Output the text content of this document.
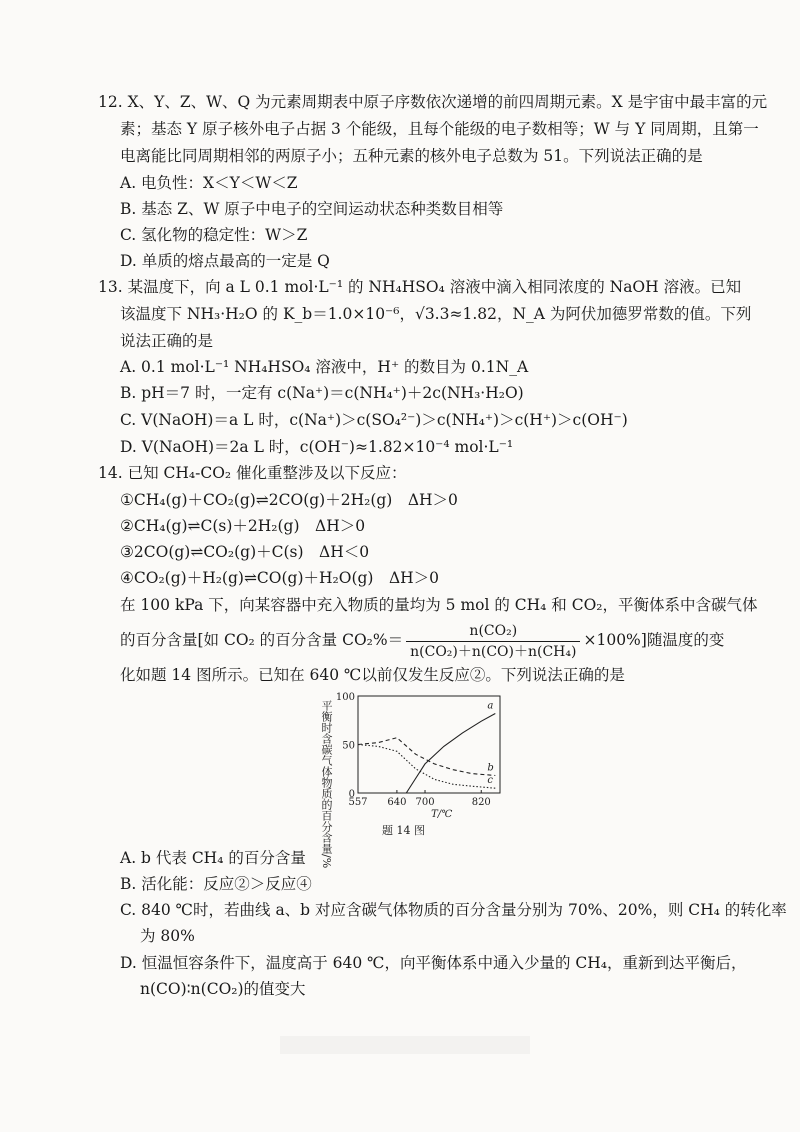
12. X、Y、Z、W、Q 为元素周期表中原子序数依次递增的前四周期元素。X 是宇宙中最丰富的元
素；基态 Y 原子核外电子占据 3 个能级，且每个能级的电子数相等；W 与 Y 同周期，且第一
电离能比同周期相邻的两原子小；五种元素的核外电子总数为 51。下列说法正确的是
A. 电负性：X＜Y＜W＜Z
B. 基态 Z、W 原子中电子的空间运动状态种类数目相等
C. 氢化物的稳定性：W＞Z
D. 单质的熔点最高的一定是 Q
13. 某温度下，向 a L 0.1 mol·L⁻¹ 的 NH₄HSO₄ 溶液中滴入相同浓度的 NaOH 溶液。已知
该温度下 NH₃·H₂O 的 K_b＝1.0×10⁻⁶，√3.3≈1.82，N_A 为阿伏加德罗常数的值。下列
说法正确的是
A. 0.1 mol·L⁻¹ NH₄HSO₄ 溶液中，H⁺ 的数目为 0.1N_A
B. pH＝7 时，一定有 c(Na⁺)＝c(NH₄⁺)＋2c(NH₃·H₂O)
C. V(NaOH)＝a L 时，c(Na⁺)＞c(SO₄²⁻)＞c(NH₄⁺)＞c(H⁺)＞c(OH⁻)
D. V(NaOH)＝2a L 时，c(OH⁻)≈1.82×10⁻⁴ mol·L⁻¹
14. 已知 CH₄-CO₂ 催化重整涉及以下反应：
①CH₄(g)＋CO₂(g)⇌2CO(g)＋2H₂(g)　ΔH＞0
②CH₄(g)⇌C(s)＋2H₂(g)　ΔH＞0
③2CO(g)⇌CO₂(g)＋C(s)　ΔH＜0
④CO₂(g)＋H₂(g)⇌CO(g)＋H₂O(g)　ΔH＞0
在 100 kPa 下，向某容器中充入物质的量均为 5 mol 的 CH₄ 和 CO₂，平衡体系中含碳气体
的百分含量[如 CO₂ 的百分含量 $CO_2\%= \frac{\text{n(CO₂)}}{\text{n(CO₂)＋n(CO)＋n(CH₄)}} \times 100\%$]随温度的变
化如题 14 图所示。已知在 640 ℃以前仅发生反应②。下列说法正确的是
平衡时含碳气体物质的百分含量/% 0
50
100
557 640 700	820
T/℃
a
b
c
题 14 图
A. b 代表 CH₄ 的百分含量
B. 活化能：反应②＞反应④
C. 840 ℃时，若曲线 a、b 对应含碳气体物质的百分含量分别为 70%、20%，则 CH₄ 的转化率
为 80%
D. 恒温恒容条件下，温度高于 640 ℃，向平衡体系中通入少量的 CH₄，重新到达平衡后，
n(CO)∶n(CO₂)的值变大
